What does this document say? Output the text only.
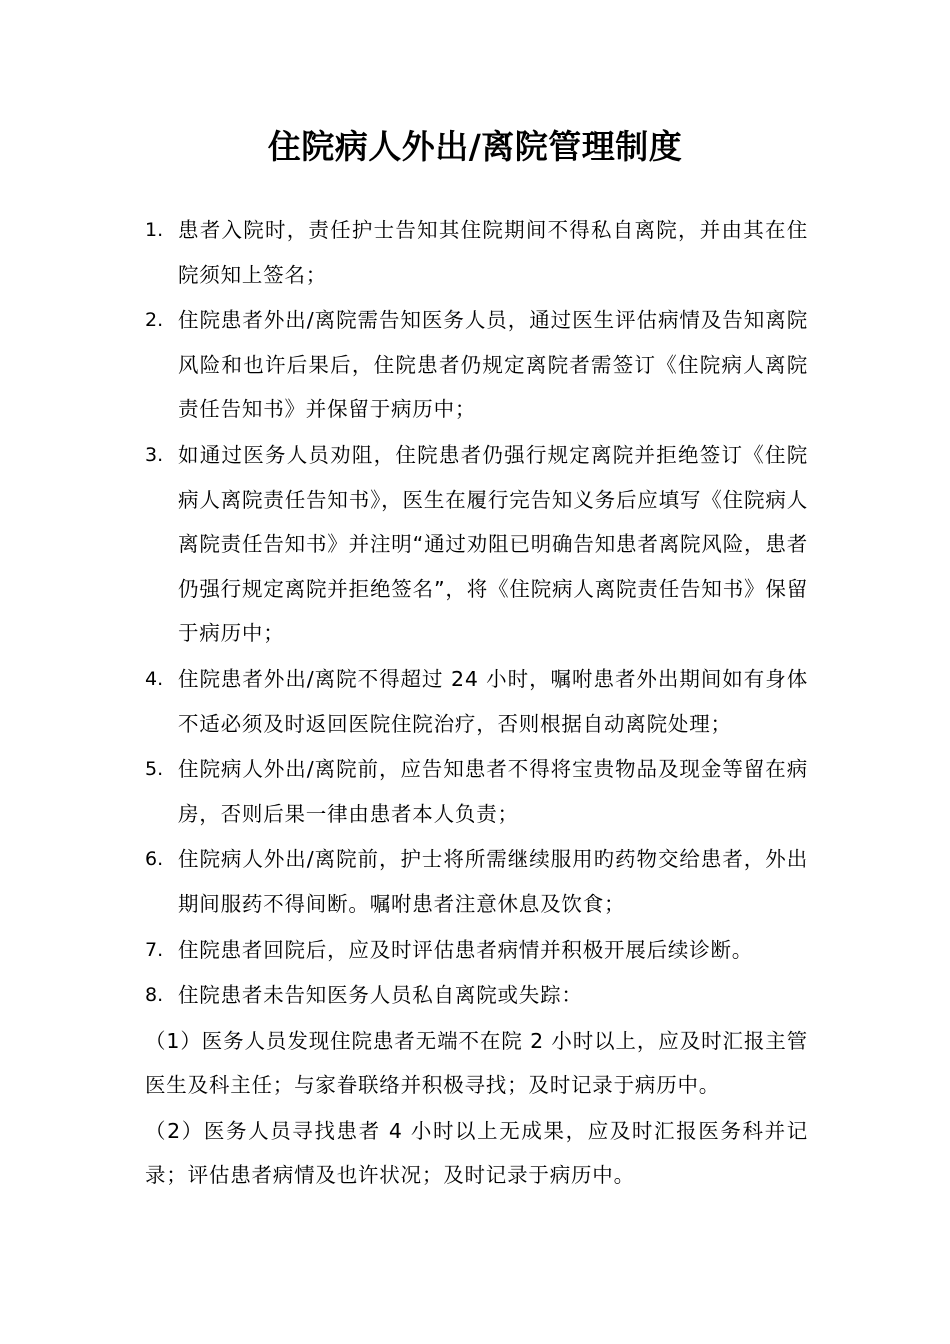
住院病人外出/离院管理制度
1. 患者入院时，责任护士告知其住院期间不得私自离院，并由其在住院须知上签名；
2. 住院患者外出/离院需告知医务人员，通过医生评估病情及告知离院风险和也许后果后，住院患者仍规定离院者需签订《住院病人离院责任告知书》并保留于病历中；
3. 如通过医务人员劝阻，住院患者仍强行规定离院并拒绝签订《住院病人离院责任告知书》，医生在履行完告知义务后应填写《住院病人离院责任告知书》并注明“通过劝阻已明确告知患者离院风险，患者仍强行规定离院并拒绝签名”，将《住院病人离院责任告知书》保留于病历中；
4. 住院患者外出/离院不得超过 24 小时，嘱咐患者外出期间如有身体不适必须及时返回医院住院治疗，否则根据自动离院处理；
5. 住院病人外出/离院前，应告知患者不得将宝贵物品及现金等留在病房，否则后果一律由患者本人负责；
6. 住院病人外出/离院前，护士将所需继续服用旳药物交给患者，外出期间服药不得间断。嘱咐患者注意休息及饮食；
7. 住院患者回院后，应及时评估患者病情并积极开展后续诊断。
8. 住院患者未告知医务人员私自离院或失踪：
（1）医务人员发现住院患者无端不在院 2 小时以上，应及时汇报主管医生及科主任；与家眷联络并积极寻找；及时记录于病历中。
（2）医务人员寻找患者 4 小时以上无成果，应及时汇报医务科并记录；评估患者病情及也许状况；及时记录于病历中。
